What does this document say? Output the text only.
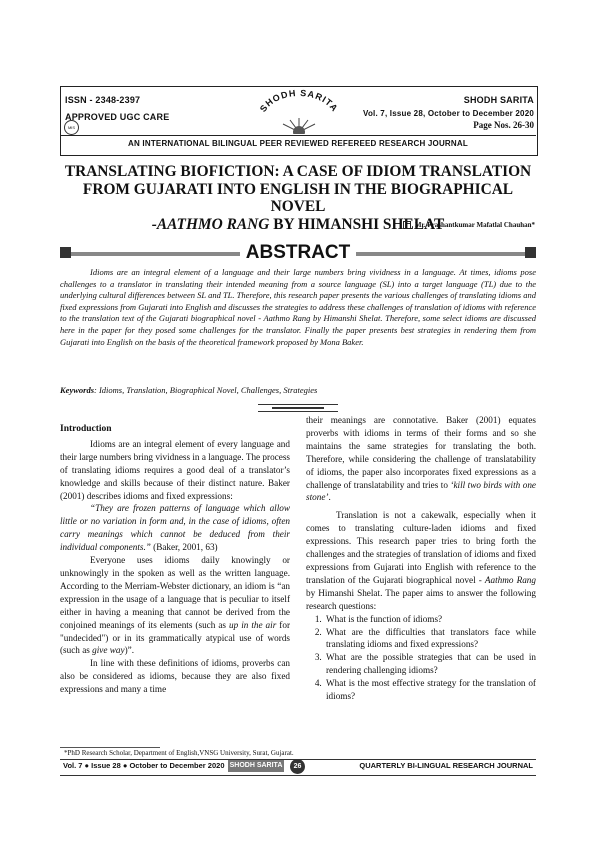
ISSN - 2348-2397
APPROVED UGC CARE
MIS
SHODH SARITA
SHODH SARITA
Vol. 7, Issue 28, October to December 2020
Page Nos. 26-30
AN INTERNATIONAL BILINGUAL PEER REVIEWED REFEREED RESEARCH JOURNAL
TRANSLATING BIOFICTION: A CASE OF IDIOM TRANSLATION
FROM GUJARATI INTO ENGLISH IN THE BIOGRAPHICAL NOVEL
-AATHMO RANG BY HIMANSHI SHELAT
Mr. Prashantkumar Mafatlal Chauhan*
ABSTRACT

Idioms are an integral element of a language and their large numbers bring vividness in a language. At times, idioms pose challenges to a translator in translating their intended meaning from a source language (SL) into a target language (TL) due to the underlying cultural differences between SL and TL. Therefore, this research paper presents the various challenges of translating idioms and fixed expressions from Gujarati into English and discusses the strategies to address these challenges of translation of idioms with reference to the translation text of the Gujarati biographical novel - Aathmo Rang by Himanshi Shelat. Therefore, some select idioms are discussed here in the paper for they posed some challenges for the translator. Finally the paper presents best strategies in rendering them from Gujarati into English on the basis of the theoretical framework proposed by Mona Baker.

Keywords: Idioms, Translation, Biographical Novel, Challenges, Strategies

Introduction

Idioms are an integral element of every language and their large numbers bring vividness in a language. The process of translating idioms requires a good deal of a translator’s knowledge and skills because of their distinct nature. Baker (2001) describes idioms and fixed expressions:

“They are frozen patterns of language which allow little or no variation in form and, in the case of idioms, often carry meanings which cannot be deduced from their individual components.” (Baker, 2001, 63)

Everyone uses idioms daily knowingly or unknowingly in the spoken as well as the written language. According to the Merriam-Webster dictionary, an idiom is “an expression in the usage of a language that is peculiar to itself either in having a meaning that cannot be derived from the conjoined meanings of its elements (such as up in the air for "undecided") or in its grammatically atypical use of words (such as give way)”.

In line with these definitions of idioms, proverbs can also be considered as idioms, because they are also fixed expressions and many a time

their meanings are connotative. Baker (2001) equates proverbs with idioms in terms of their forms and so she maintains the same strategies for translating the both. Therefore, while considering the challenge of translatability of idioms, the paper also incorporates fixed expressions as a challenge of translatability and tries to ‘kill two birds with one stone’.

Translation is not a cakewalk, especially when it comes to translating culture-laden idioms and fixed expressions. This research paper tries to bring forth the challenges and the strategies of translation of idioms and fixed expressions from Gujarati into English with reference to the translation of the Gujarati biographical novel - Aathmo Rang by Himanshi Shelat. The paper aims to answer the following research questions:

1. What is the function of idioms?
2. What are the difficulties that translators face while translating idioms and fixed expressions?
3. What are the possible strategies that can be used in rendering challenging idioms?
4. What is the most effective strategy for the translation of idioms?
*PhD Research Scholar, Department of English,VNSG University, Surat, Gujarat.
Vol. 7 ● Issue 28 ● October to December 2020 SHODH SARITA	26	QUARTERLY BI-LINGUAL RESEARCH JOURNAL
